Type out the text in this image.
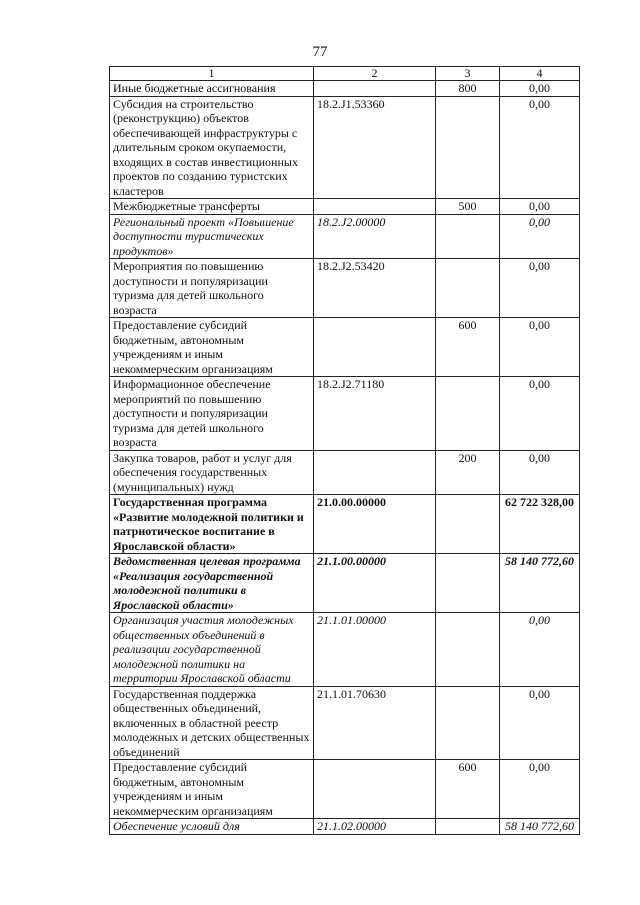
77
1	2	3	4
Иные бюджетные ассигнования		800	0,00
Субсидия на строительство (реконструкцию) объектов обеспечивающей инфраструктуры с длительным сроком окупаемости, входящих в состав инвестиционных проектов по созданию туристских кластеров	18.2.J1.53360		0,00
Межбюджетные трансферты		500	0,00
Региональный проект «Повышение доступности туристических продуктов»	18.2.J2.00000		0,00
Мероприятия по повышению доступности и популяризации туризма для детей школьного возраста	18.2.J2.53420		0,00
Предоставление субсидий бюджетным, автономным учреждениям и иным некоммерческим организациям		600	0,00
Информационное обеспечение мероприятий по повышению доступности и популяризации туризма для детей школьного возраста	18.2.J2.71180		0,00
Закупка товаров, работ и услуг для обеспечения государственных (муниципальных) нужд		200	0,00
Государственная программа «Развитие молодежной политики и патриотическое воспитание в Ярославской области»	21.0.00.00000		62 722 328,00
Ведомственная целевая программа «Реализация государственной молодежной политики в Ярославской области»	21.1.00.00000		58 140 772,60
Организация участия молодежных общественных объединений в реализации государственной молодежной политики на территории Ярославской области	21.1.01.00000		0,00
Государственная поддержка общественных объединений, включенных в областной реестр молодежных и детских общественных объединений	21.1.01.70630		0,00
Предоставление субсидий бюджетным, автономным учреждениям и иным некоммерческим организациям		600	0,00
Обеспечение условий для	21.1.02.00000		58 140 772,60
